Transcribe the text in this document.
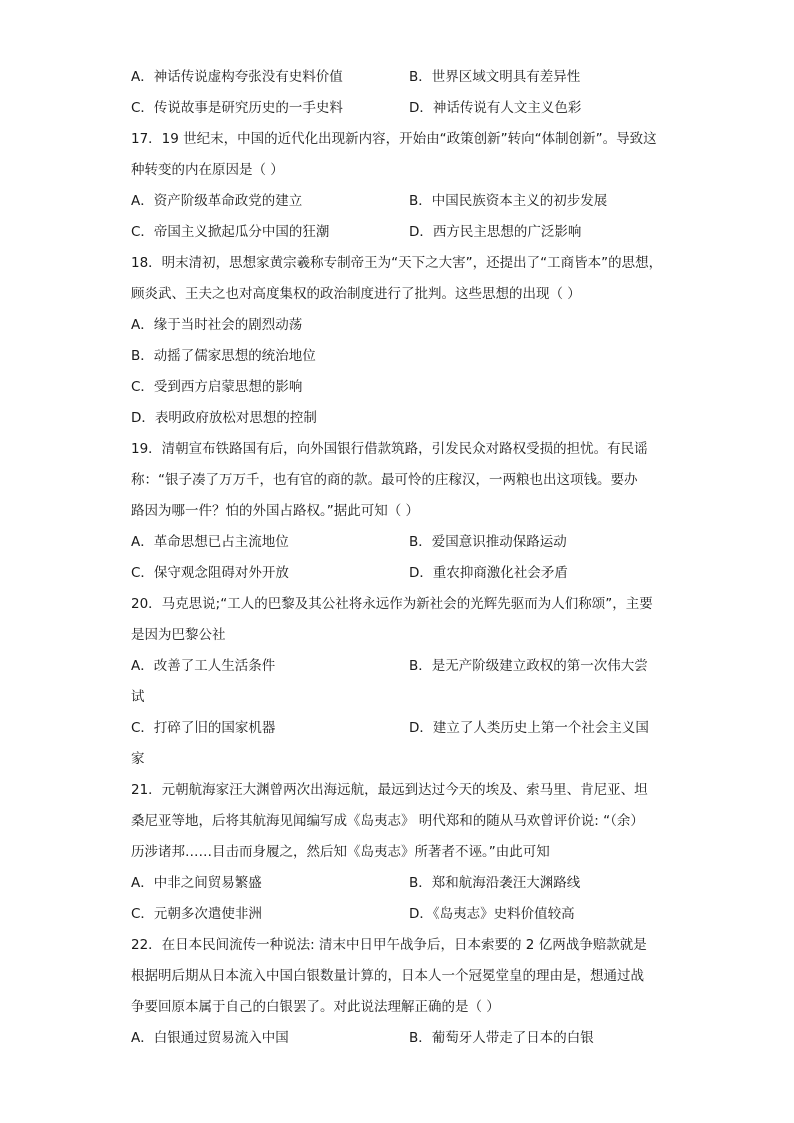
A．神话传说虚构夸张没有史料价值	B．世界区域文明具有差异性
C．传说故事是研究历史的一手史料	D．神话传说有人文主义色彩
17．19 世纪末，中国的近代化出现新内容，开始由“政策创新”转向“体制创新”。导致这
种转变的内在原因是（ ）
A．资产阶级革命政党的建立	B．中国民族资本主义的初步发展
C．帝国主义掀起瓜分中国的狂潮	D．西方民主思想的广泛影响
18．明末清初，思想家黄宗羲称专制帝王为“天下之大害”，还提出了“工商皆本”的思想，
顾炎武、王夫之也对高度集权的政治制度进行了批判。这些思想的出现（ ）
A．缘于当时社会的剧烈动荡
B．动摇了儒家思想的统治地位
C．受到西方启蒙思想的影响
D．表明政府放松对思想的控制
19．清朝宣布铁路国有后，向外国银行借款筑路，引发民众对路权受损的担忧。有民谣
称：“银子凑了万万千，也有官的商的款。最可怜的庄稼汉，一两粮也出这项钱。要办
路因为哪一件？怕的外国占路权。”据此可知（ ）
A．革命思想已占主流地位	B．爱国意识推动保路运动
C．保守观念阻碍对外开放	D．重农抑商激化社会矛盾
20．马克思说;“工人的巴黎及其公社将永远作为新社会的光辉先驱而为人们称颂”，主要
是因为巴黎公社
A．改善了工人生活条件	B．是无产阶级建立政权的第一次伟大尝
试
C．打碎了旧的国家机器	D．建立了人类历史上第一个社会主义国
家
21．元朝航海家汪大渊曾两次出海远航，最远到达过今天的埃及、索马里、肯尼亚、坦
桑尼亚等地，后将其航海见闻编写成《岛夷志》 明代郑和的随从马欢曾评价说: “（余）
历涉诸邦……目击而身履之，然后知《岛夷志》所著者不诬。”由此可知
A．中非之间贸易繁盛	B．郑和航海沿袭汪大渊路线
C．元朝多次遣使非洲	D．《岛夷志》史料价值较高
22．在日本民间流传一种说法: 清末中日甲午战争后，日本索要的 2 亿两战争赔款就是
根据明后期从日本流入中国白银数量计算的，日本人一个冠冕堂皇的理由是，想通过战
争要回原本属于自己的白银罢了。对此说法理解正确的是（ ）
A．白银通过贸易流入中国	B．葡萄牙人带走了日本的白银
